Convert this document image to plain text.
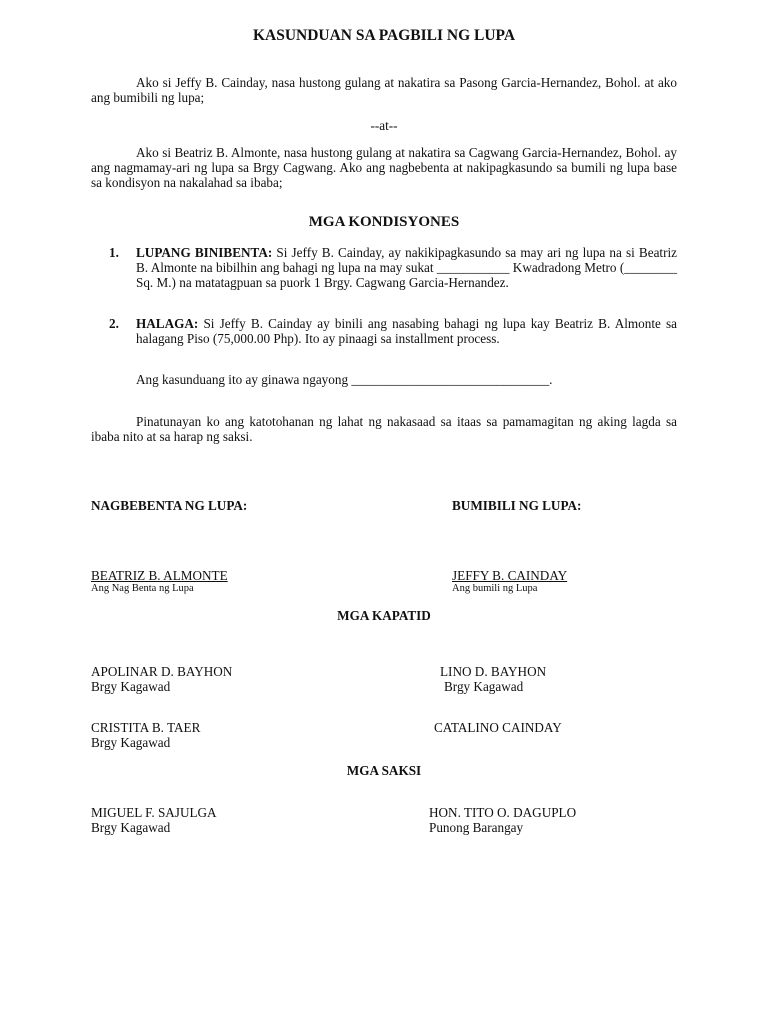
KASUNDUAN SA PAGBILI NG LUPA
Ako si Jeffy B. Cainday, nasa hustong gulang at nakatira sa Pasong Garcia-Hernandez, Bohol. at ako ang bumibili ng lupa;
--at--
Ako si Beatriz B. Almonte, nasa hustong gulang at nakatira sa Cagwang Garcia-Hernandez, Bohol. ay ang nagmamay-ari ng lupa sa Brgy Cagwang. Ako ang nagbebenta at nakipagkasundo sa bumili ng lupa base sa kondisyon na nakalahad sa ibaba;
MGA KONDISYONES
1. LUPANG BINIBENTA: Si Jeffy B. Cainday, ay nakikipagkasundo sa may ari ng lupa na si Beatriz B. Almonte na bibilhin ang bahagi ng lupa na may sukat ___________ Kwadradong Metro (________ Sq. M.) na matatagpuan sa puork 1 Brgy. Cagwang Garcia-Hernandez.
2. HALAGA: Si Jeffy B. Cainday ay binili ang nasabing bahagi ng lupa kay Beatriz B. Almonte sa halagang Piso (75,000.00 Php). Ito ay pinaagi sa installment process.
Ang kasunduang ito ay ginawa ngayong ______________________________.
Pinatunayan ko ang katotohanan ng lahat ng nakasaad sa itaas sa pamamagitan ng aking lagda sa ibaba nito at sa harap ng saksi.
NAGBEBENTA NG LUPA:	BUMIBILI NG LUPA:
BEATRIZ B. ALMONTE
Ang Nag Benta ng Lupa
JEFFY B. CAINDAY
Ang bumili ng Lupa
MGA KAPATID
APOLINAR D. BAYHON
Brgy Kagawad
LINO D. BAYHON
Brgy Kagawad
CRISTITA B. TAER
Brgy Kagawad
CATALINO CAINDAY
MGA SAKSI
MIGUEL F. SAJULGA
Brgy Kagawad
HON. TITO O. DAGUPLO
Punong Barangay
